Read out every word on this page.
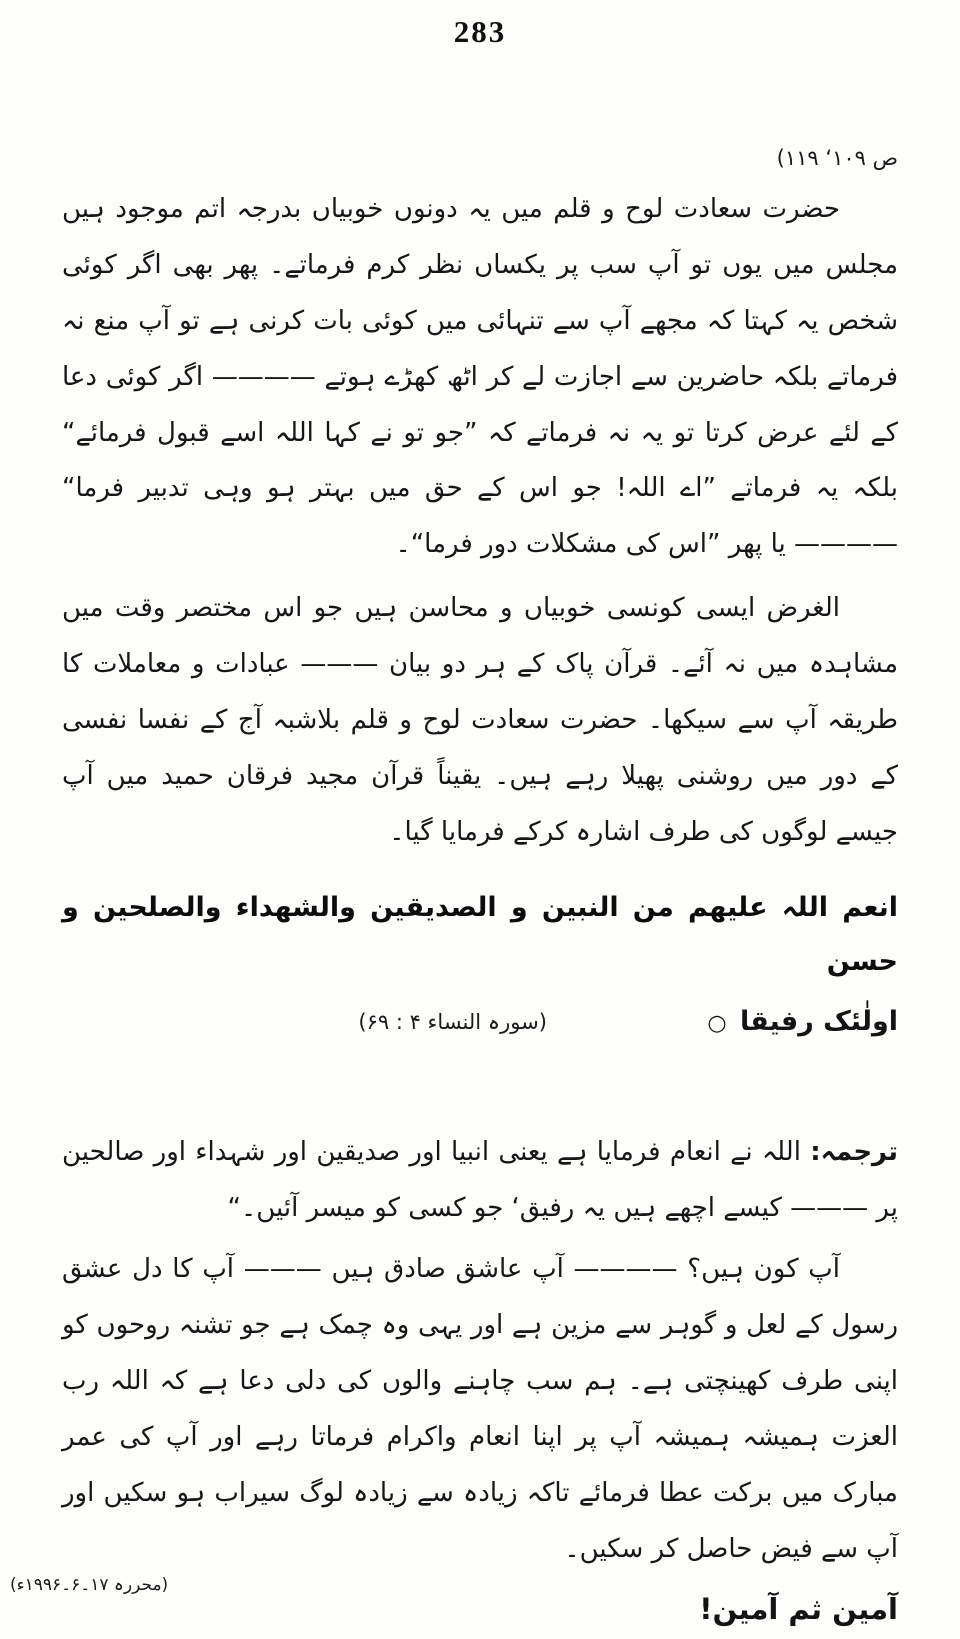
283
ص ۱۰۹‘ ۱۱۹)

حضرت سعادت لوح و قلم میں یہ دونوں خوبیاں بدرجہ اتم موجود ہیں مجلس میں یوں تو آپ سب پر یکساں نظر کرم فرماتے۔ پھر بھی اگر کوئی شخص یہ کہتا کہ مجھے آپ سے تنہائی میں کوئی بات کرنی ہے تو آپ منع نہ فرماتے بلکہ حاضرین سے اجازت لے کر اٹھ کھڑے ہوتے ———— اگر کوئی دعا کے لئے عرض کرتا تو یہ نہ فرماتے کہ ”جو تو نے کہا اللہ اسے قبول فرمائے“ بلکہ یہ فرماتے ”اے اللہ! جو اس کے حق میں بہتر ہو وہی تدبیر فرما“ ———— یا پھر ”اس کی مشکلات دور فرما“۔

الغرض ایسی کونسی خوبیاں و محاسن ہیں جو اس مختصر وقت میں مشاہدہ میں نہ آئے۔ قرآن پاک کے ہر دو بیان ——— عبادات و معاملات کا طریقہ آپ سے سیکھا۔ حضرت سعادت لوح و قلم بلاشبہ آج کے نفسا نفسی کے دور میں روشنی پھیلا رہے ہیں۔ یقیناً قرآن مجید فرقان حمید میں آپ جیسے لوگوں کی طرف اشارہ کرکے فرمایا گیا۔

انعم اللہ علیھم من النبین و الصدیقین والشھداء والصلحین و حسن

اولٰئک رفیقا ○
(سورہ النساء ۴ : ۶۹)

ترجمہ: اللہ نے انعام فرمایا ہے یعنی انبیا اور صدیقین اور شہداء اور صالحین پر ——— کیسے اچھے ہیں یہ رفیق‘ جو کسی کو میسر آئیں۔“

آپ کون ہیں؟ ———— آپ عاشق صادق ہیں ——— آپ کا دل عشق رسول کے لعل و گوہر سے مزین ہے اور یہی وہ چمک ہے جو تشنہ روحوں کو اپنی طرف کھینچتی ہے۔ ہم سب چاہنے والوں کی دلی دعا ہے کہ اللہ رب العزت ہمیشہ ہمیشہ آپ پر اپنا انعام واکرام فرماتا رہے اور آپ کی عمر مبارک میں برکت عطا فرمائے تاکہ زیادہ سے زیادہ لوگ سیراب ہو سکیں اور آپ سے فیض حاصل کر سکیں۔

آمین ثم آمین!
(محررہ ۱۷۔۶۔۱۹۹۶ء)
